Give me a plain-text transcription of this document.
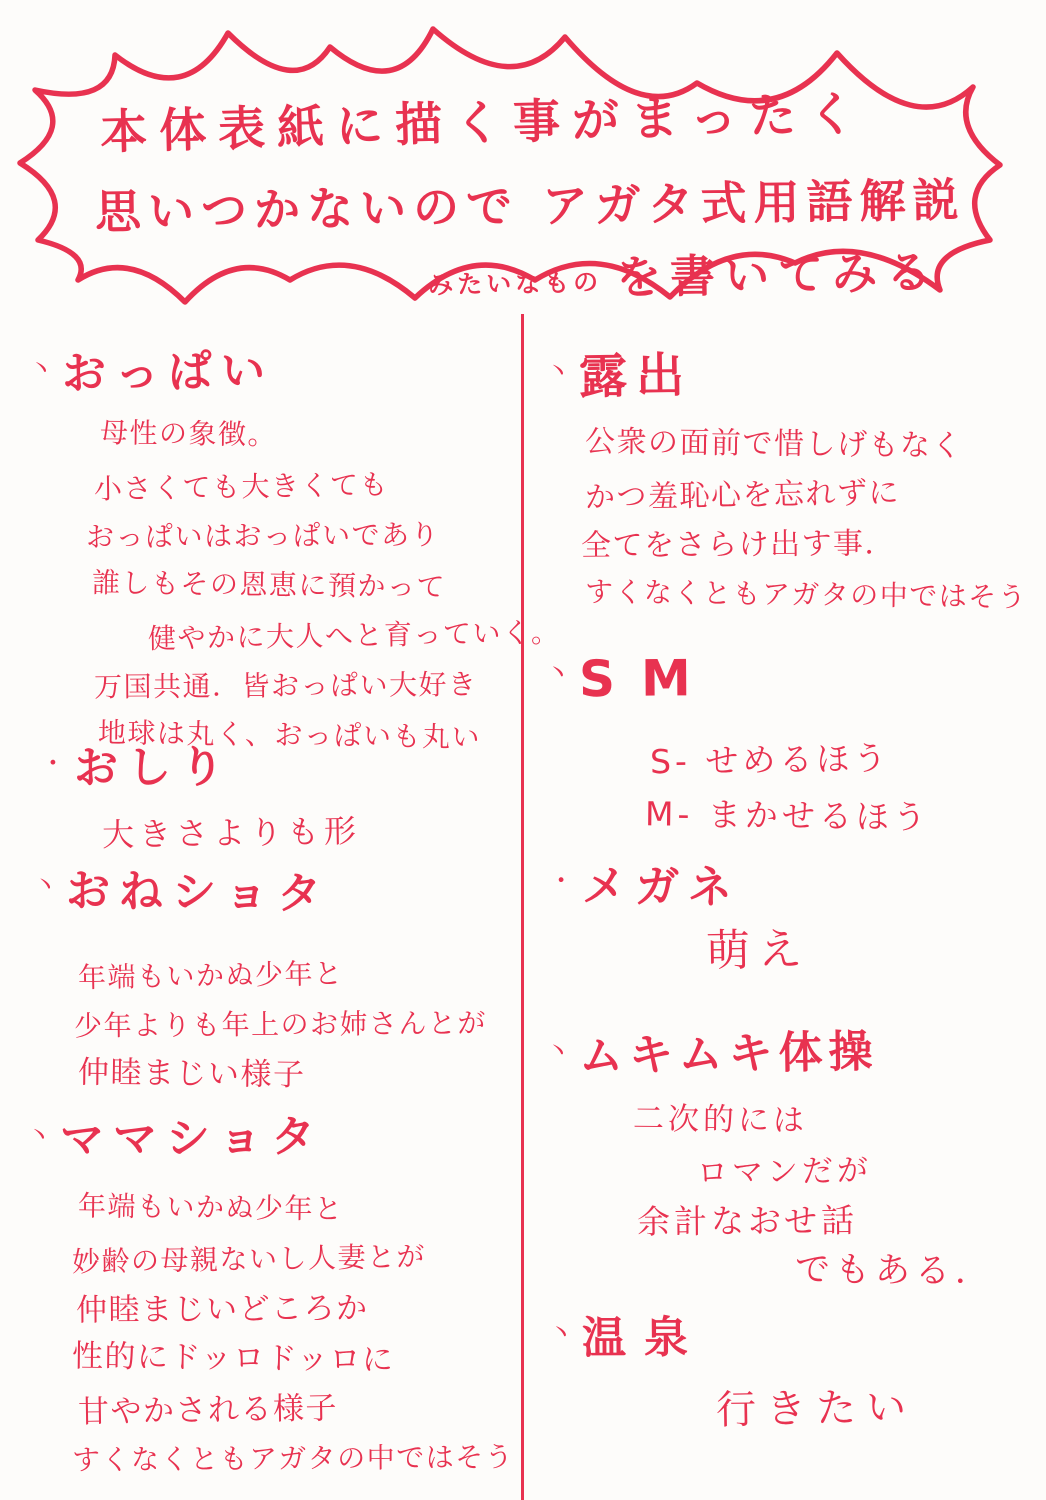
本体表紙に描く事がまったく
思いつかないので アガタ式用語解説
みたいなもの を書いてみる
丶 おっぱい
母性の象徴。
小さくても大きくても
おっぱいはおっぱいであり
誰しもその恩恵に預かって
健やかに大人へと育っていく。
万国共通．皆おっぱい大好き
地球は丸く、おっぱいも丸い
・ おしり
大きさよりも形
丶 おねショタ
年端もいかぬ少年と
少年よりも年上のお姉さんとが
仲睦まじい様子
丶 ママショタ
年端もいかぬ少年と
妙齢の母親ないし人妻とが
仲睦まじいどころか
性的にドッロドッロに
甘やかされる様子
すくなくともアガタの中ではそう
丶 露出
公衆の面前で惜しげもなく
かつ羞恥心を忘れずに
全てをさらけ出す事．
すくなくともアガタの中ではそう
丶 SM
S- せめるほう
M- まかせるほう
・ メガネ
萌え
丶 ムキムキ体操
二次的には
ロマンだが
余計なおせ話
でもある．
丶 温泉
行きたい
